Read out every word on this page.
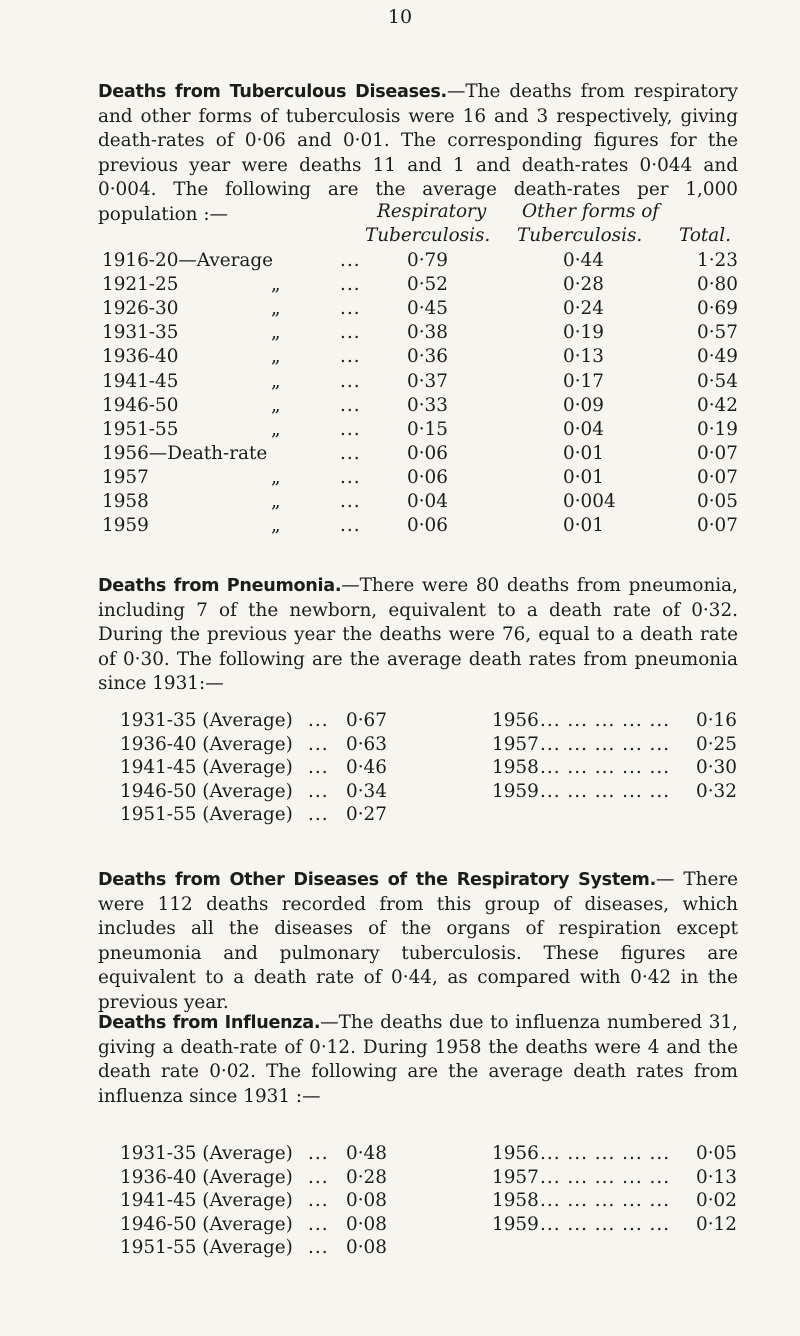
10
Deaths from Tuberculous Diseases.—The deaths from respiratory and other forms of tuberculosis were 16 and 3 respectively, giving death-rates of 0·06 and 0·01. The corresponding figures for the previous year were deaths 11 and 1 and death-rates 0·044 and 0·004. The following are the average death-rates per 1,000 population :—	Respiratory
Tuberculosis.
Other forms of
Tuberculosis. Total.
1916-20—Average	...	0·79	0·44	1·23
1921-25	„	...	0·52	0·28	0·80
1926-30	„	...	0·45	0·24	0·69
1931-35	„	...	0·38	0·19	0·57
1936-40	„	...	0·36	0·13	0·49
1941-45	„	...	0·37	0·17	0·54
1946-50	„	...	0·33	0·09	0·42
1951-55	„	...	0·15	0·04	0·19
1956—Death-rate	...	0·06	0·01	0·07
1957	„	...	0·06	0·01	0·07
1958	„	...	0·04	0·004	0·05
1959	„	...	0·06	0·01	0·07
Deaths from Pneumonia.—There were 80 deaths from pneumonia, including 7 of the newborn, equivalent to a death rate of 0·32. During the previous year the deaths were 76, equal to a death rate of 0·30. The following are the average death rates from pneumonia since 1931:—
1931-35 (Average) ... 0·67
1936-40 (Average) ... 0·63
1941-45 (Average) ... 0·46
1946-50 (Average) ... 0·34
1951-55 (Average) ... 0·27
1956 ... ... ... ... ... 0·16
1957 ... ... ... ... ... 0·25
1958 ... ... ... ... ... 0·30
1959 ... ... ... ... ... 0·32
Deaths from Other Diseases of the Respiratory System.— There were 112 deaths recorded from this group of diseases, which includes all the diseases of the organs of respiration except pneumonia and pulmonary tuberculosis. These figures are equivalent to a death rate of 0·44, as compared with 0·42 in the previous year.
Deaths from Influenza.—The deaths due to influenza numbered 31, giving a death-rate of 0·12. During 1958 the deaths were 4 and the death rate 0·02. The following are the average death rates from influenza since 1931 :—
1931-35 (Average) ... 0·48
1936-40 (Average) ... 0·28
1941-45 (Average) ... 0·08
1946-50 (Average) ... 0·08
1951-55 (Average) ... 0·08
1956 ... ... ... ... ... 0·05
1957 ... ... ... ... ... 0·13
1958 ... ... ... ... ... 0·02
1959 ... ... ... ... ... 0·12
